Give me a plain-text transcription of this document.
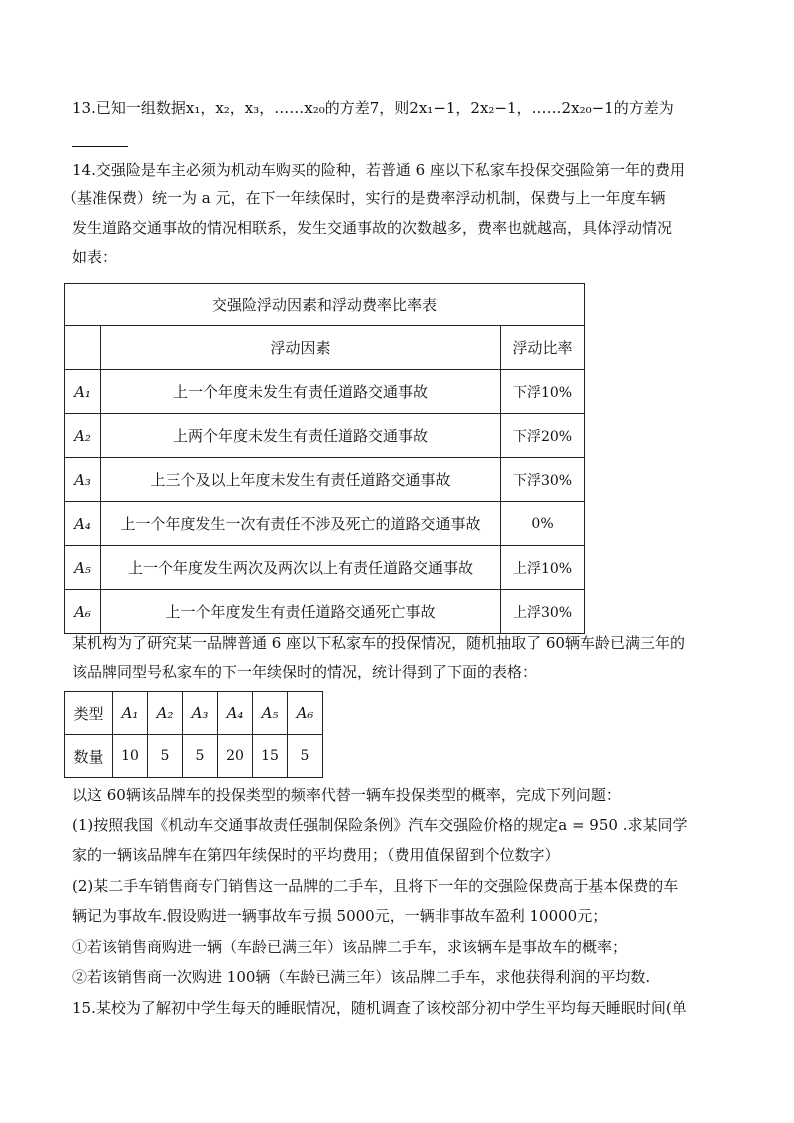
13.已知一组数据x₁，x₂，x₃，……x₂₀的方差7，则2x₁−1，2x₂−1，……2x₂₀−1的方差为
14.交强险是车主必须为机动车购买的险种，若普通 6 座以下私家车投保交强险第一年的费用
（基准保费）统一为 a 元，在下一年续保时，实行的是费率浮动机制，保费与上一年度车辆
发生道路交通事故的情况相联系，发生交通事故的次数越多，费率也就越高，具体浮动情况
如表：
交强险浮动因素和浮动费率比率表		
	浮动因素	浮动比率
A₁	上一个年度未发生有责任道路交通事故	下浮10%
A₂	上两个年度未发生有责任道路交通事故	下浮20%
A₃	上三个及以上年度未发生有责任道路交通事故	下浮30%
A₄	上一个年度发生一次有责任不涉及死亡的道路交通事故	0%
A₅	上一个年度发生两次及两次以上有责任道路交通事故	上浮10%
A₆	上一个年度发生有责任道路交通死亡事故	上浮30%
某机构为了研究某一品牌普通 6 座以下私家车的投保情况，随机抽取了 60辆车龄已满三年的
该品牌同型号私家车的下一年续保时的情况，统计得到了下面的表格：
类型	A₁	A₂	A₃	A₄	A₅	A₆
数量	10	5	5	20	15	5
以这 60辆该品牌车的投保类型的频率代替一辆车投保类型的概率，完成下列问题：
(1)按照我国《机动车交通事故责任强制保险条例》汽车交强险价格的规定a = 950 .求某同学
家的一辆该品牌车在第四年续保时的平均费用；（费用值保留到个位数字）
(2)某二手车销售商专门销售这一品牌的二手车，且将下一年的交强险保费高于基本保费的车
辆记为事故车.假设购进一辆事故车亏损 5000元，一辆非事故车盈利 10000元；
①若该销售商购进一辆（车龄已满三年）该品牌二手车，求该辆车是事故车的概率；
②若该销售商一次购进 100辆（车龄已满三年）该品牌二手车，求他获得利润的平均数.
15.某校为了解初中学生每天的睡眠情况，随机调查了该校部分初中学生平均每天睡眠时间(单
